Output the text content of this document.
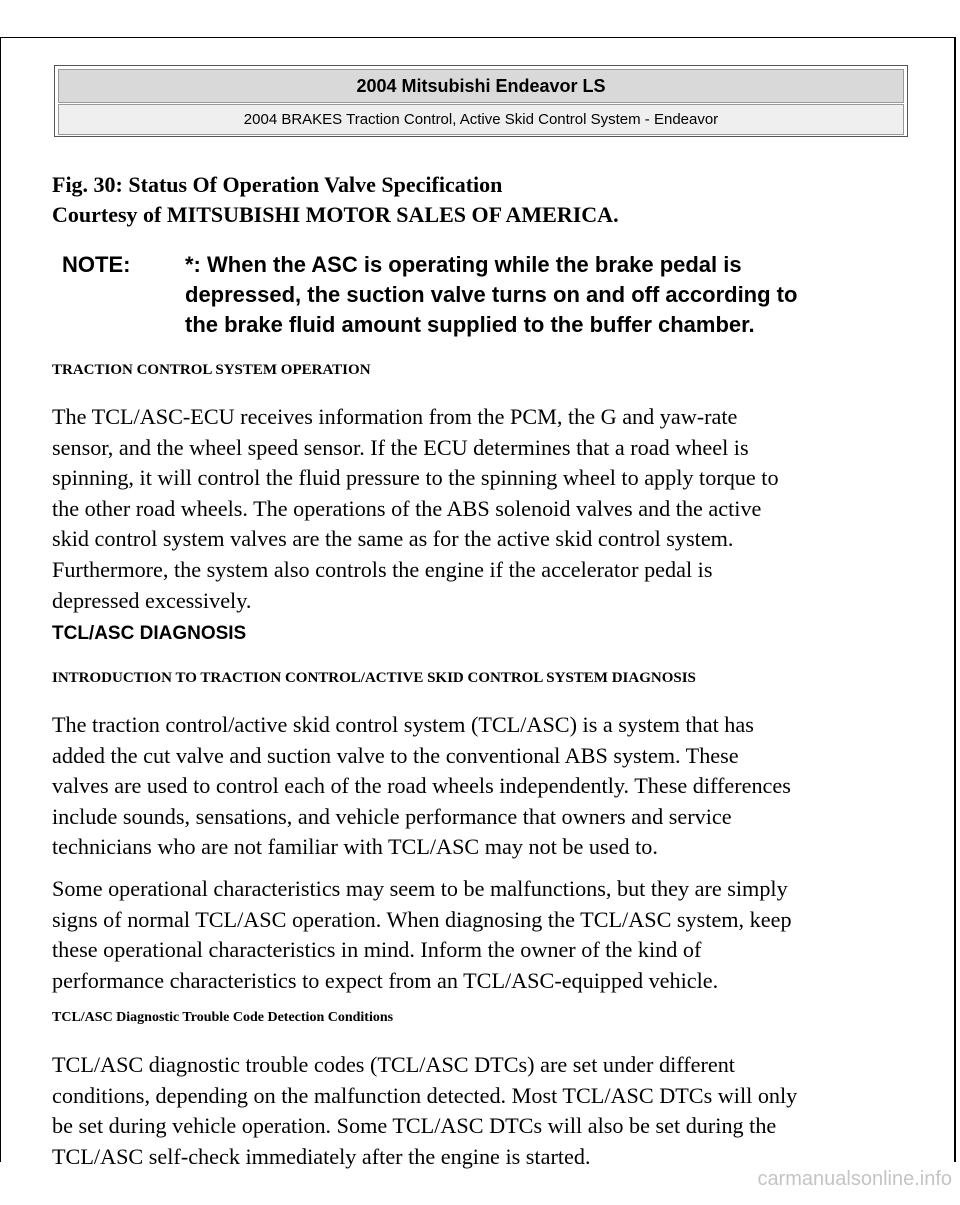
2004 Mitsubishi Endeavor LS
2004 BRAKES Traction Control, Active Skid Control System - Endeavor
Fig. 30: Status Of Operation Valve Specification
Courtesy of MITSUBISHI MOTOR SALES OF AMERICA.
NOTE: *: When the ASC is operating while the brake pedal is
depressed, the suction valve turns on and off according to
the brake fluid amount supplied to the buffer chamber.
TRACTION CONTROL SYSTEM OPERATION
The TCL/ASC-ECU receives information from the PCM, the G and yaw-rate
sensor, and the wheel speed sensor. If the ECU determines that a road wheel is
spinning, it will control the fluid pressure to the spinning wheel to apply torque to
the other road wheels. The operations of the ABS solenoid valves and the active
skid control system valves are the same as for the active skid control system.
Furthermore, the system also controls the engine if the accelerator pedal is
depressed excessively.
TCL/ASC DIAGNOSIS
INTRODUCTION TO TRACTION CONTROL/ACTIVE SKID CONTROL SYSTEM DIAGNOSIS
The traction control/active skid control system (TCL/ASC) is a system that has
added the cut valve and suction valve to the conventional ABS system. These
valves are used to control each of the road wheels independently. These differences
include sounds, sensations, and vehicle performance that owners and service
technicians who are not familiar with TCL/ASC may not be used to.
Some operational characteristics may seem to be malfunctions, but they are simply
signs of normal TCL/ASC operation. When diagnosing the TCL/ASC system, keep
these operational characteristics in mind. Inform the owner of the kind of
performance characteristics to expect from an TCL/ASC-equipped vehicle.
TCL/ASC Diagnostic Trouble Code Detection Conditions
TCL/ASC diagnostic trouble codes (TCL/ASC DTCs) are set under different
conditions, depending on the malfunction detected. Most TCL/ASC DTCs will only
be set during vehicle operation. Some TCL/ASC DTCs will also be set during the
TCL/ASC self-check immediately after the engine is started.
carmanualsonline.info
